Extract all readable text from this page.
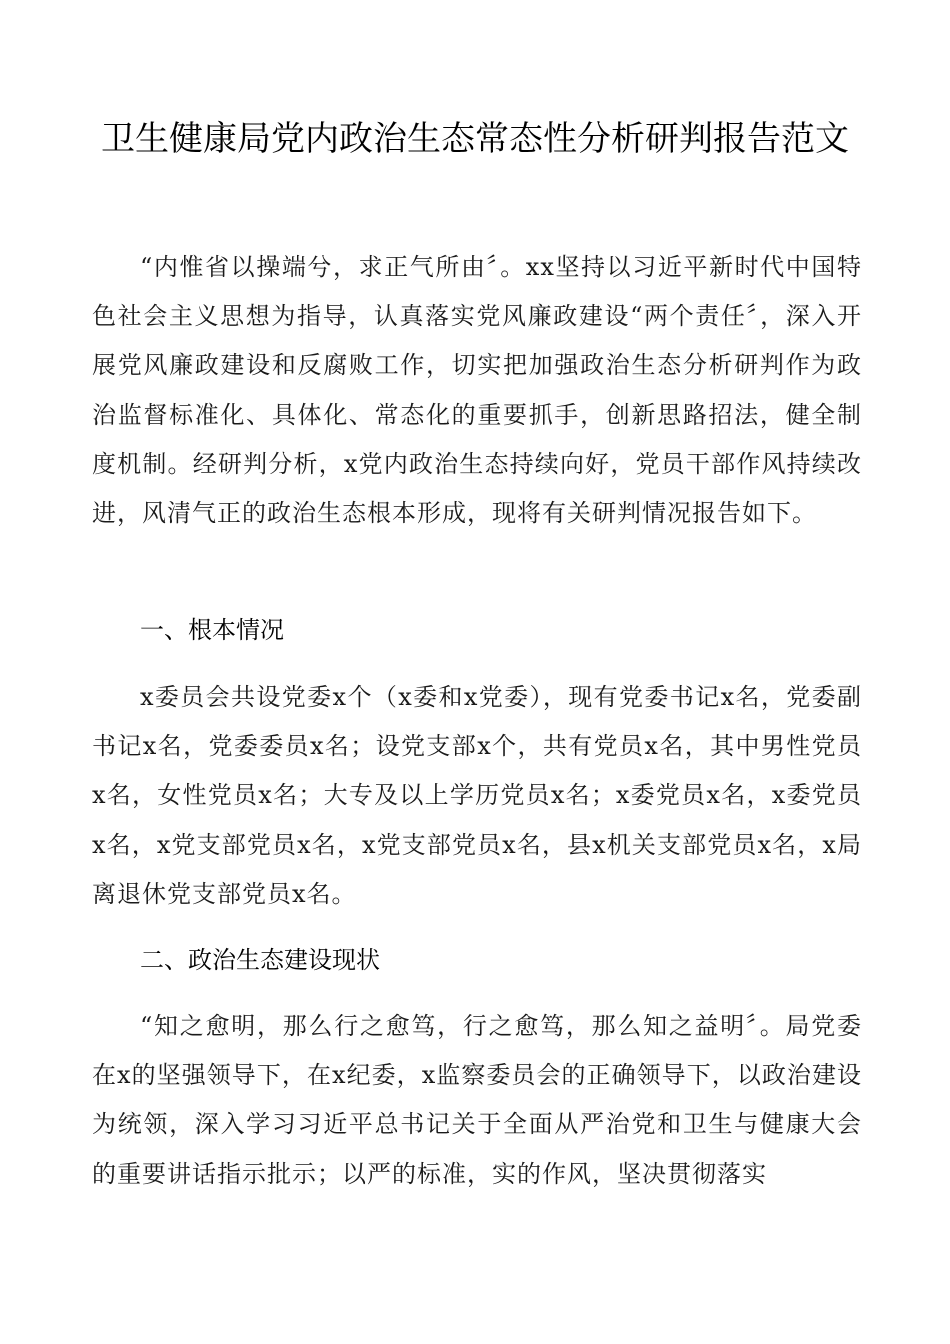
卫生健康局党内政治生态常态性分析研判报告范文

“内惟省以操端兮，求正气所由〞。xx坚持以习近平新时代中国特色社会主义思想为指导，认真落实党风廉政建设“两个责任〞，深入开展党风廉政建设和反腐败工作，切实把加强政治生态分析研判作为政治监督标准化、具体化、常态化的重要抓手，创新思路招法，健全制度机制。经研判分析，x党内政治生态持续向好，党员干部作风持续改进，风清气正的政治生态根本形成，现将有关研判情况报告如下。

一、根本情况

x委员会共设党委x个（x委和x党委），现有党委书记x名，党委副书记x名，党委委员x名；设党支部x个，共有党员x名，其中男性党员x名，女性党员x名；大专及以上学历党员x名；x委党员x名，x委党员x名，x党支部党员x名，x党支部党员x名，县x机关支部党员x名，x局离退休党支部党员x名。

二、政治生态建设现状

“知之愈明，那么行之愈笃，行之愈笃，那么知之益明〞。局党委在x的坚强领导下，在x纪委，x监察委员会的正确领导下，以政治建设为统领，深入学习习近平总书记关于全面从严治党和卫生与健康大会的重要讲话指示批示；以严的标准，实的作风，坚决贯彻落实
